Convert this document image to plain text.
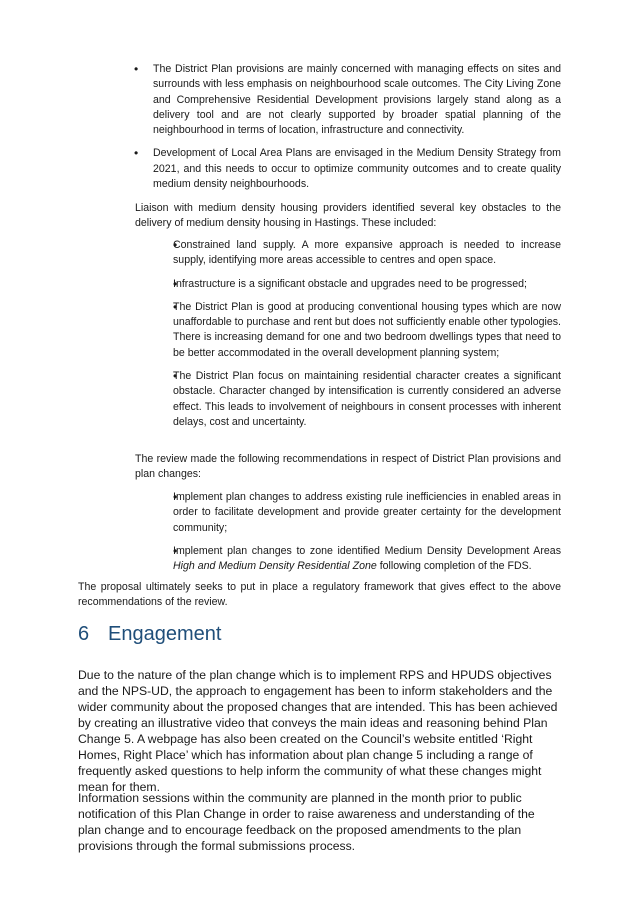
• The District Plan provisions are mainly concerned with managing effects on sites and surrounds with less emphasis on neighbourhood scale outcomes. The City Living Zone and Comprehensive Residential Development provisions largely stand along as a delivery tool and are not clearly supported by broader spatial planning of the neighbourhood in terms of location, infrastructure and connectivity.
• Development of Local Area Plans are envisaged in the Medium Density Strategy from 2021, and this needs to occur to optimize community outcomes and to create quality medium density neighbourhoods.

Liaison with medium density housing providers identified several key obstacles to the delivery of medium density housing in Hastings. These included:

• Constrained land supply. A more expansive approach is needed to increase supply, identifying more areas accessible to centres and open space.
• Infrastructure is a significant obstacle and upgrades need to be progressed;
• The District Plan is good at producing conventional housing types which are now unaffordable to purchase and rent but does not sufficiently enable other typologies. There is increasing demand for one and two bedroom dwellings types that need to be better accommodated in the overall development planning system;
• The District Plan focus on maintaining residential character creates a significant obstacle. Character changed by intensification is currently considered an adverse effect. This leads to involvement of neighbours in consent processes with inherent delays, cost and uncertainty.

The review made the following recommendations in respect of District Plan provisions and plan changes:

• Implement plan changes to address existing rule inefficiencies in enabled areas in order to facilitate development and provide greater certainty for the development community;
• Implement plan changes to zone identified Medium Density Development Areas High and Medium Density Residential Zone following completion of the FDS.

The proposal ultimately seeks to put in place a regulatory framework that gives effect to the above recommendations of the review.

6 Engagement

Due to the nature of the plan change which is to implement RPS and HPUDS objectives and the NPS-UD, the approach to engagement has been to inform stakeholders and the wider community about the proposed changes that are intended. This has been achieved by creating an illustrative video that conveys the main ideas and reasoning behind Plan Change 5. A webpage has also been created on the Council’s website entitled ‘Right Homes, Right Place’ which has information about plan change 5 including a range of frequently asked questions to help inform the community of what these changes might mean for them.

Information sessions within the community are planned in the month prior to public notification of this Plan Change in order to raise awareness and understanding of the plan change and to encourage feedback on the proposed amendments to the plan provisions through the formal submissions process.
